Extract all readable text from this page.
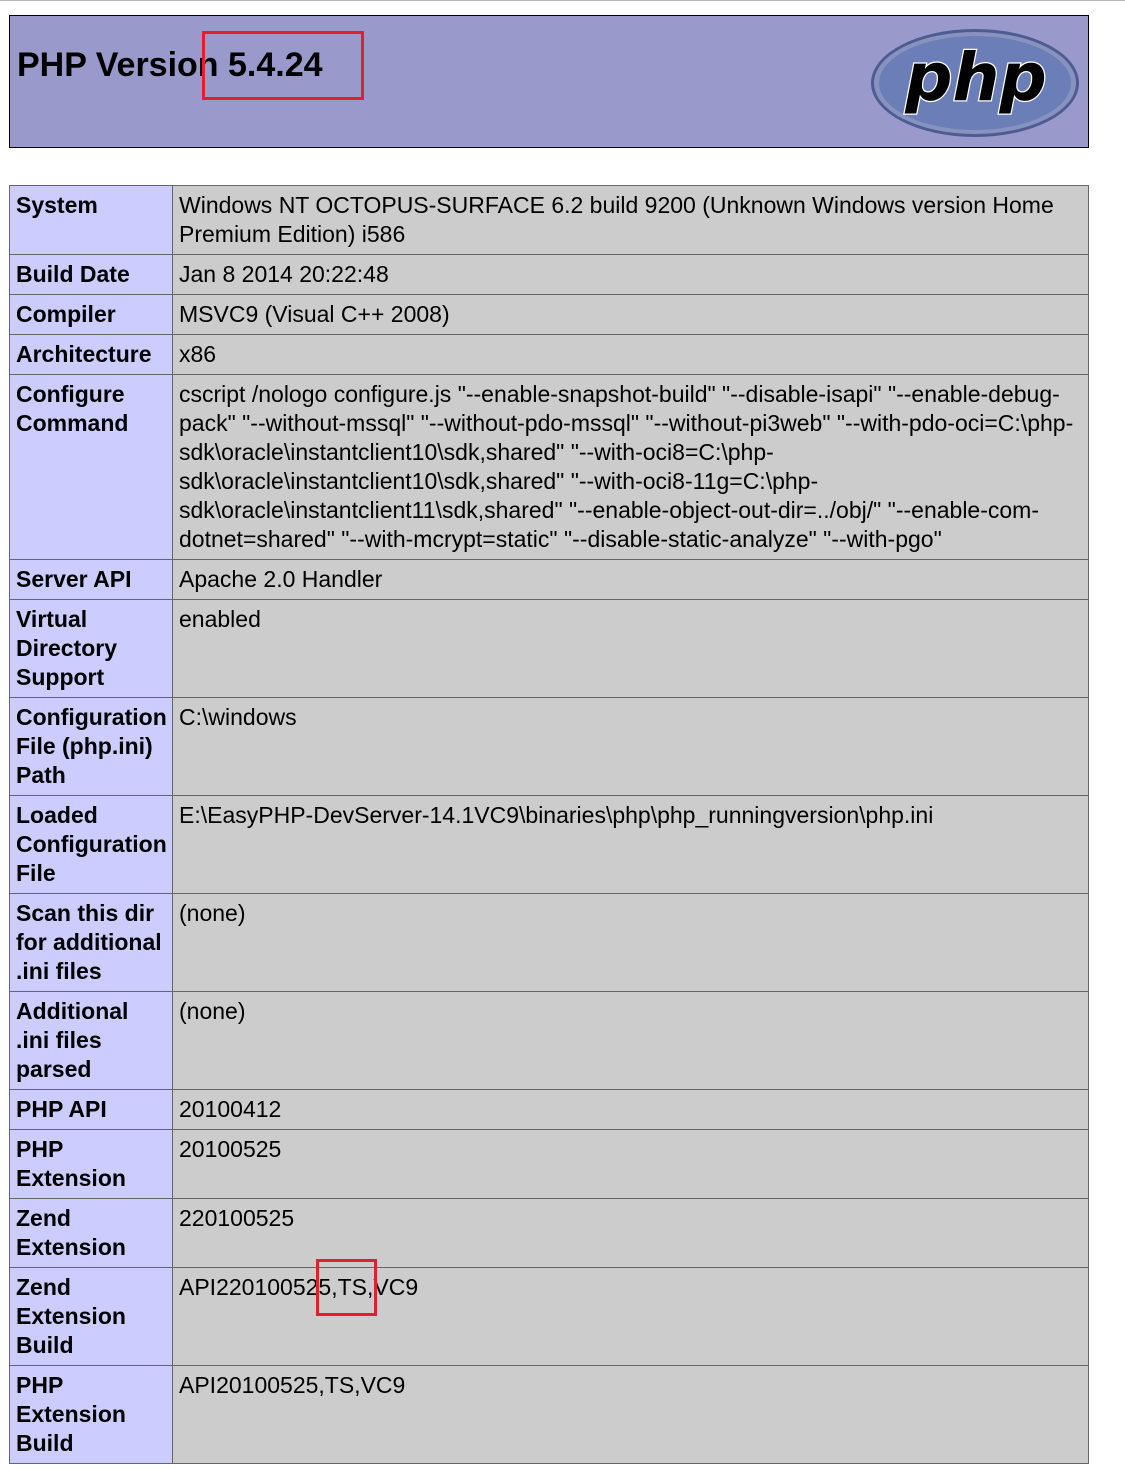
PHP Version 5.4.24	php
System	Windows NT OCTOPUS-SURFACE 6.2 build 9200 (Unknown Windows version Home Premium Edition) i586
Build Date	Jan 8 2014 20:22:48
Compiler	MSVC9 (Visual C++ 2008)
Architecture	x86
Configure Command	cscript /nologo configure.js "--enable-snapshot-build" "--disable-isapi" "--enable-debug-pack" "--without-mssql" "--without-pdo-mssql" "--without-pi3web" "--with-pdo-oci=C:\php-sdk\oracle\instantclient10\sdk,shared" "--with-oci8=C:\php-sdk\oracle\instantclient10\sdk,shared" "--with-oci8-11g=C:\php-sdk\oracle\instantclient11\sdk,shared" "--enable-object-out-dir=../obj/" "--enable-com-dotnet=shared" "--with-mcrypt=static" "--disable-static-analyze" "--with-pgo"
Server API	Apache 2.0 Handler
Virtual Directory Support	enabled
Configuration File (php.ini) Path	C:\windows
Loaded Configuration File	E:\EasyPHP-DevServer-14.1VC9\binaries\php\php_runningversion\php.ini
Scan this dir for additional .ini files	(none)
Additional .ini files parsed	(none)
PHP API	20100412
PHP Extension	20100525
Zend Extension	220100525
Zend Extension Build	API220100525,TS,VC9
PHP Extension Build	API20100525,TS,VC9
